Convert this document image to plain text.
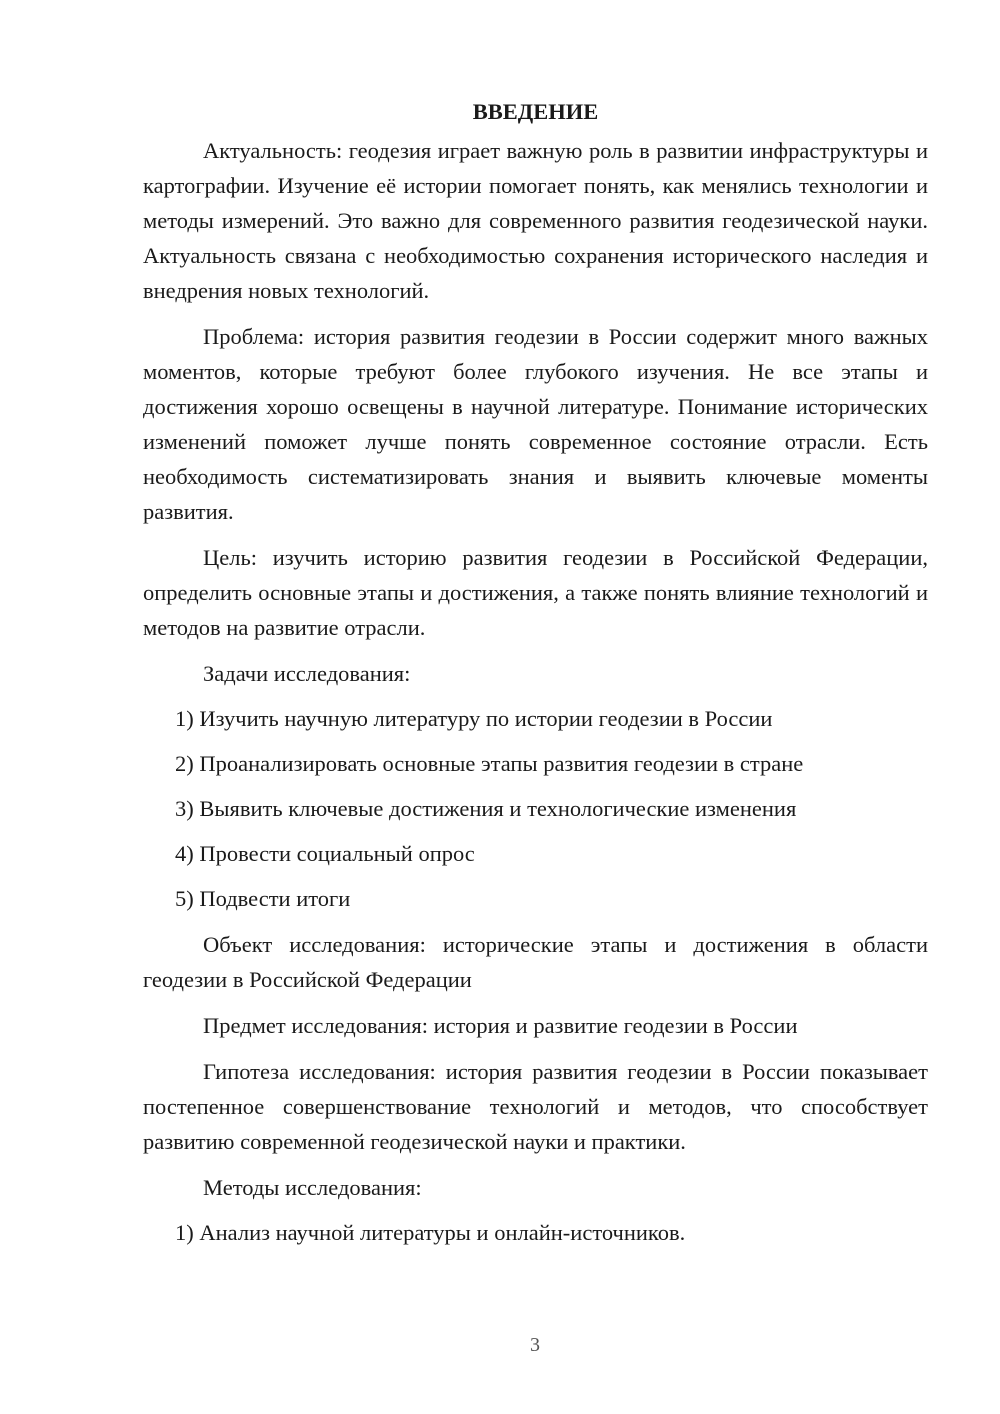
ВВЕДЕНИЕ

Актуальность: геодезия играет важную роль в развитии инфраструктуры и картографии. Изучение её истории помогает понять, как менялись технологии и методы измерений. Это важно для современного развития геодезической науки. Актуальность связана с необходимостью сохранения исторического наследия и внедрения новых технологий.

Проблема: история развития геодезии в России содержит много важных моментов, которые требуют более глубокого изучения. Не все этапы и достижения хорошо освещены в научной литературе. Понимание исторических изменений поможет лучше понять современное состояние отрасли. Есть необходимость систематизировать знания и выявить ключевые моменты развития.

Цель: изучить историю развития геодезии в Российской Федерации, определить основные этапы и достижения, а также понять влияние технологий и методов на развитие отрасли.

Задачи исследования:

1) Изучить научную литературу по истории геодезии в России

2) Проанализировать основные этапы развития геодезии в стране

3) Выявить ключевые достижения и технологические изменения

4) Провести социальный опрос

5) Подвести итоги

Объект исследования: исторические этапы и достижения в области геодезии в Российской Федерации

Предмет исследования: история и развитие геодезии в России

Гипотеза исследования: история развития геодезии в России показывает постепенное совершенствование технологий и методов, что способствует развитию современной геодезической науки и практики.

Методы исследования:

1) Анализ научной литературы и онлайн-источников.

3
